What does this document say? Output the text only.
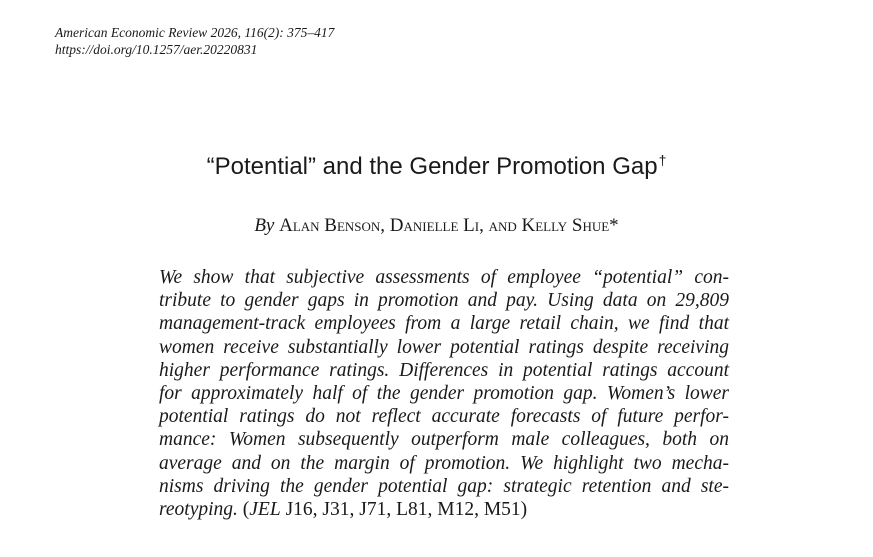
American Economic Review 2026, 116(2): 375–417
https://doi.org/10.1257/aer.20220831
“Potential” and the Gender Promotion Gap†
By Alan Benson, Danielle Li, and Kelly Shue*
We show that subjective assessments of employee “potential” con-
tribute to gender gaps in promotion and pay. Using data on 29,809
management-track employees from a large retail chain, we find that
women receive substantially lower potential ratings despite receiving
higher performance ratings. Differences in potential ratings account
for approximately half of the gender promotion gap. Women’s lower
potential ratings do not reflect accurate forecasts of future perfor-
mance: Women subsequently outperform male colleagues, both on
average and on the margin of promotion. We highlight two mecha-
nisms driving the gender potential gap: strategic retention and ste-
reotyping. (JEL J16, J31, J71, L81, M12, M51)
